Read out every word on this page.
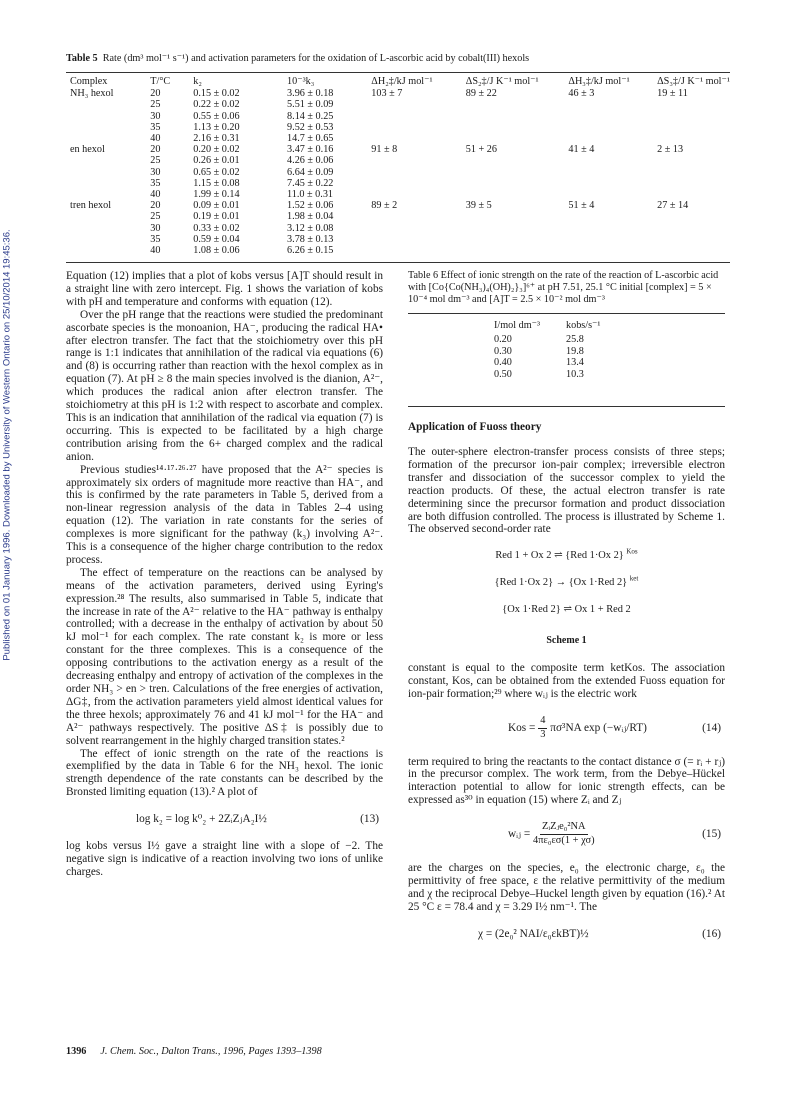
Published on 01 January 1996. Downloaded by University of Western Ontario on 25/10/2014 19:45:36.
Table 5 Rate (dm³ mol⁻¹ s⁻¹) and activation parameters for the oxidation of L-ascorbic acid by cobalt(III) hexols
Complex	T/°C	k₂	10⁻³k₃	ΔH₂‡/kJ mol⁻¹	ΔS₂‡/J K⁻¹ mol⁻¹	ΔH₃‡/kJ mol⁻¹	ΔS₃‡/J K⁻¹ mol⁻¹
NH₃ hexol	20	0.15 ± 0.02	3.96 ± 0.18	103 ± 7	89 ± 22	46 ± 3	19 ± 11
	25	0.22 ± 0.02	5.51 ± 0.09				
	30	0.55 ± 0.06	8.14 ± 0.25				
	35	1.13 ± 0.20	9.52 ± 0.53				
	40	2.16 ± 0.31	14.7 ± 0.65				
en hexol	20	0.20 ± 0.02	3.47 ± 0.16	91 ± 8	51 + 26	41 ± 4	2 ± 13
	25	0.26 ± 0.01	4.26 ± 0.06				
	30	0.65 ± 0.02	6.64 ± 0.09				
	35	1.15 ± 0.08	7.45 ± 0.22				
	40	1.99 ± 0.14	11.0 ± 0.31				
tren hexol	20	0.09 ± 0.01	1.52 ± 0.06	89 ± 2	39 ± 5	51 ± 4	27 ± 14
	25	0.19 ± 0.01	1.98 ± 0.04				
	30	0.33 ± 0.02	3.12 ± 0.08				
	35	0.59 ± 0.04	3.78 ± 0.13				
	40	1.08 ± 0.06	6.26 ± 0.15				

Equation (12) implies that a plot of kobs versus [A]T should result in a straight line with zero intercept. Fig. 1 shows the variation of kobs with pH and temperature and conforms with equation (12).

Over the pH range that the reactions were studied the predominant ascorbate species is the monoanion, HA⁻, producing the radical HA• after electron transfer. The fact that the stoichiometry over this pH range is 1:1 indicates that annihilation of the radical via equations (6) and (8) is occurring rather than reaction with the hexol complex as in equation (7). At pH ≥ 8 the main species involved is the dianion, A²⁻, which produces the radical anion after electron transfer. The stoichiometry at this pH is 1:2 with respect to ascorbate and complex. This is an indication that annihilation of the radical via equation (7) is occurring. This is expected to be facilitated by a high charge contribution arising from the 6+ charged complex and the radical anion.

Previous studies¹⁴·¹⁷·²⁶·²⁷ have proposed that the A²⁻ species is approximately six orders of magnitude more reactive than HA⁻, and this is confirmed by the rate parameters in Table 5, derived from a non-linear regression analysis of the data in Tables 2–4 using equation (12). The variation in rate constants for the series of complexes is more significant for the pathway (k₃) involving A²⁻. This is a consequence of the higher charge contribution to the redox process.

The effect of temperature on the reactions can be analysed by means of the activation parameters, derived using Eyring's expression.²⁸ The results, also summarised in Table 5, indicate that the increase in rate of the A²⁻ relative to the HA⁻ pathway is enthalpy controlled; with a decrease in the enthalpy of activation by about 50 kJ mol⁻¹ for each complex. The rate constant k₂ is more or less constant for the three complexes. This is a consequence of the opposing contributions to the activation energy as a result of the decreasing enthalpy and entropy of activation of the complexes in the order NH₃ > en > tren. Calculations of the free energies of activation, ΔG‡, from the activation parameters yield almost identical values for the three hexols; approximately 76 and 41 kJ mol⁻¹ for the HA⁻ and A²⁻ pathways respectively. The positive ΔS‡ is possibly due to solvent rearrangement in the highly charged transition states.²

The effect of ionic strength on the rate of the reactions is exemplified by the data in Table 6 for the NH₃ hexol. The ionic strength dependence of the rate constants can be described by the Bronsted limiting equation (13).² A plot of

log k₂ = log k⁰₂ + 2ZᵢZⱼA₂I½	(13)

log kobs versus I½ gave a straight line with a slope of −2. The negative sign is indicative of a reaction involving two ions of unlike charges.

Table 6 Effect of ionic strength on the rate of the reaction of L-ascorbic acid with [Co{Co(NH₃)₄(OH)₂}₃]⁶⁺ at pH 7.51, 25.1 °C initial [complex] = 5 × 10⁻⁴ mol dm⁻³ and [A]T = 2.5 × 10⁻² mol dm⁻³
I/mol dm⁻³	kobs/s⁻¹
0.20	25.8
0.30	19.8
0.40	13.4
0.50	10.3
Application of Fuoss theory

The outer-sphere electron-transfer process consists of three steps; formation of the precursor ion-pair complex; irreversible electron transfer and dissociation of the successor complex to yield the reaction products. Of these, the actual electron transfer is rate determining since the precursor formation and product dissociation are both diffusion controlled. The process is illustrated by Scheme 1. The observed second-order rate

Red 1 + Ox 2 ⇌ {Red 1·Ox 2} $^{Kos}$
{Red 1·Ox 2} → {Ox 1·Red 2} $^{ket}$
{Ox 1·Red 2} ⇌ Ox 1 + Red 2
Scheme 1

constant is equal to the composite term ketKos. The association constant, Kos, can be obtained from the extended Fuoss equation for ion-pair formation;²⁹ where wᵢⱼ is the electric work

Kos = $\frac{4}{3} \pi\sigma^3NA$ exp (−wᵢⱼ/RT)	(14)

term required to bring the reactants to the contact distance σ (= rᵢ + rⱼ) in the precursor complex. The work term, from the Debye–Hückel interaction potential to allow for ionic strength effects, can be expressed as³⁰ in equation (15) where Zᵢ and Zⱼ

wᵢⱼ = $\frac{\text{ZᵢZⱼe₀²NA}}{\text{4πε₀εσ(1 + χσ)}}$	(15)

are the charges on the species, e₀ the electronic charge, ε₀ the permittivity of free space, ε the relative permittivity of the medium and χ the reciprocal Debye–Huckel length given by equation (16).² At 25 °C ε = 78.4 and χ = 3.29 I½ nm⁻¹. The

χ = (2e₀² NAI/ε₀εkBT)½	(16)
1396 J. Chem. Soc., Dalton Trans., 1996, Pages 1393–1398
